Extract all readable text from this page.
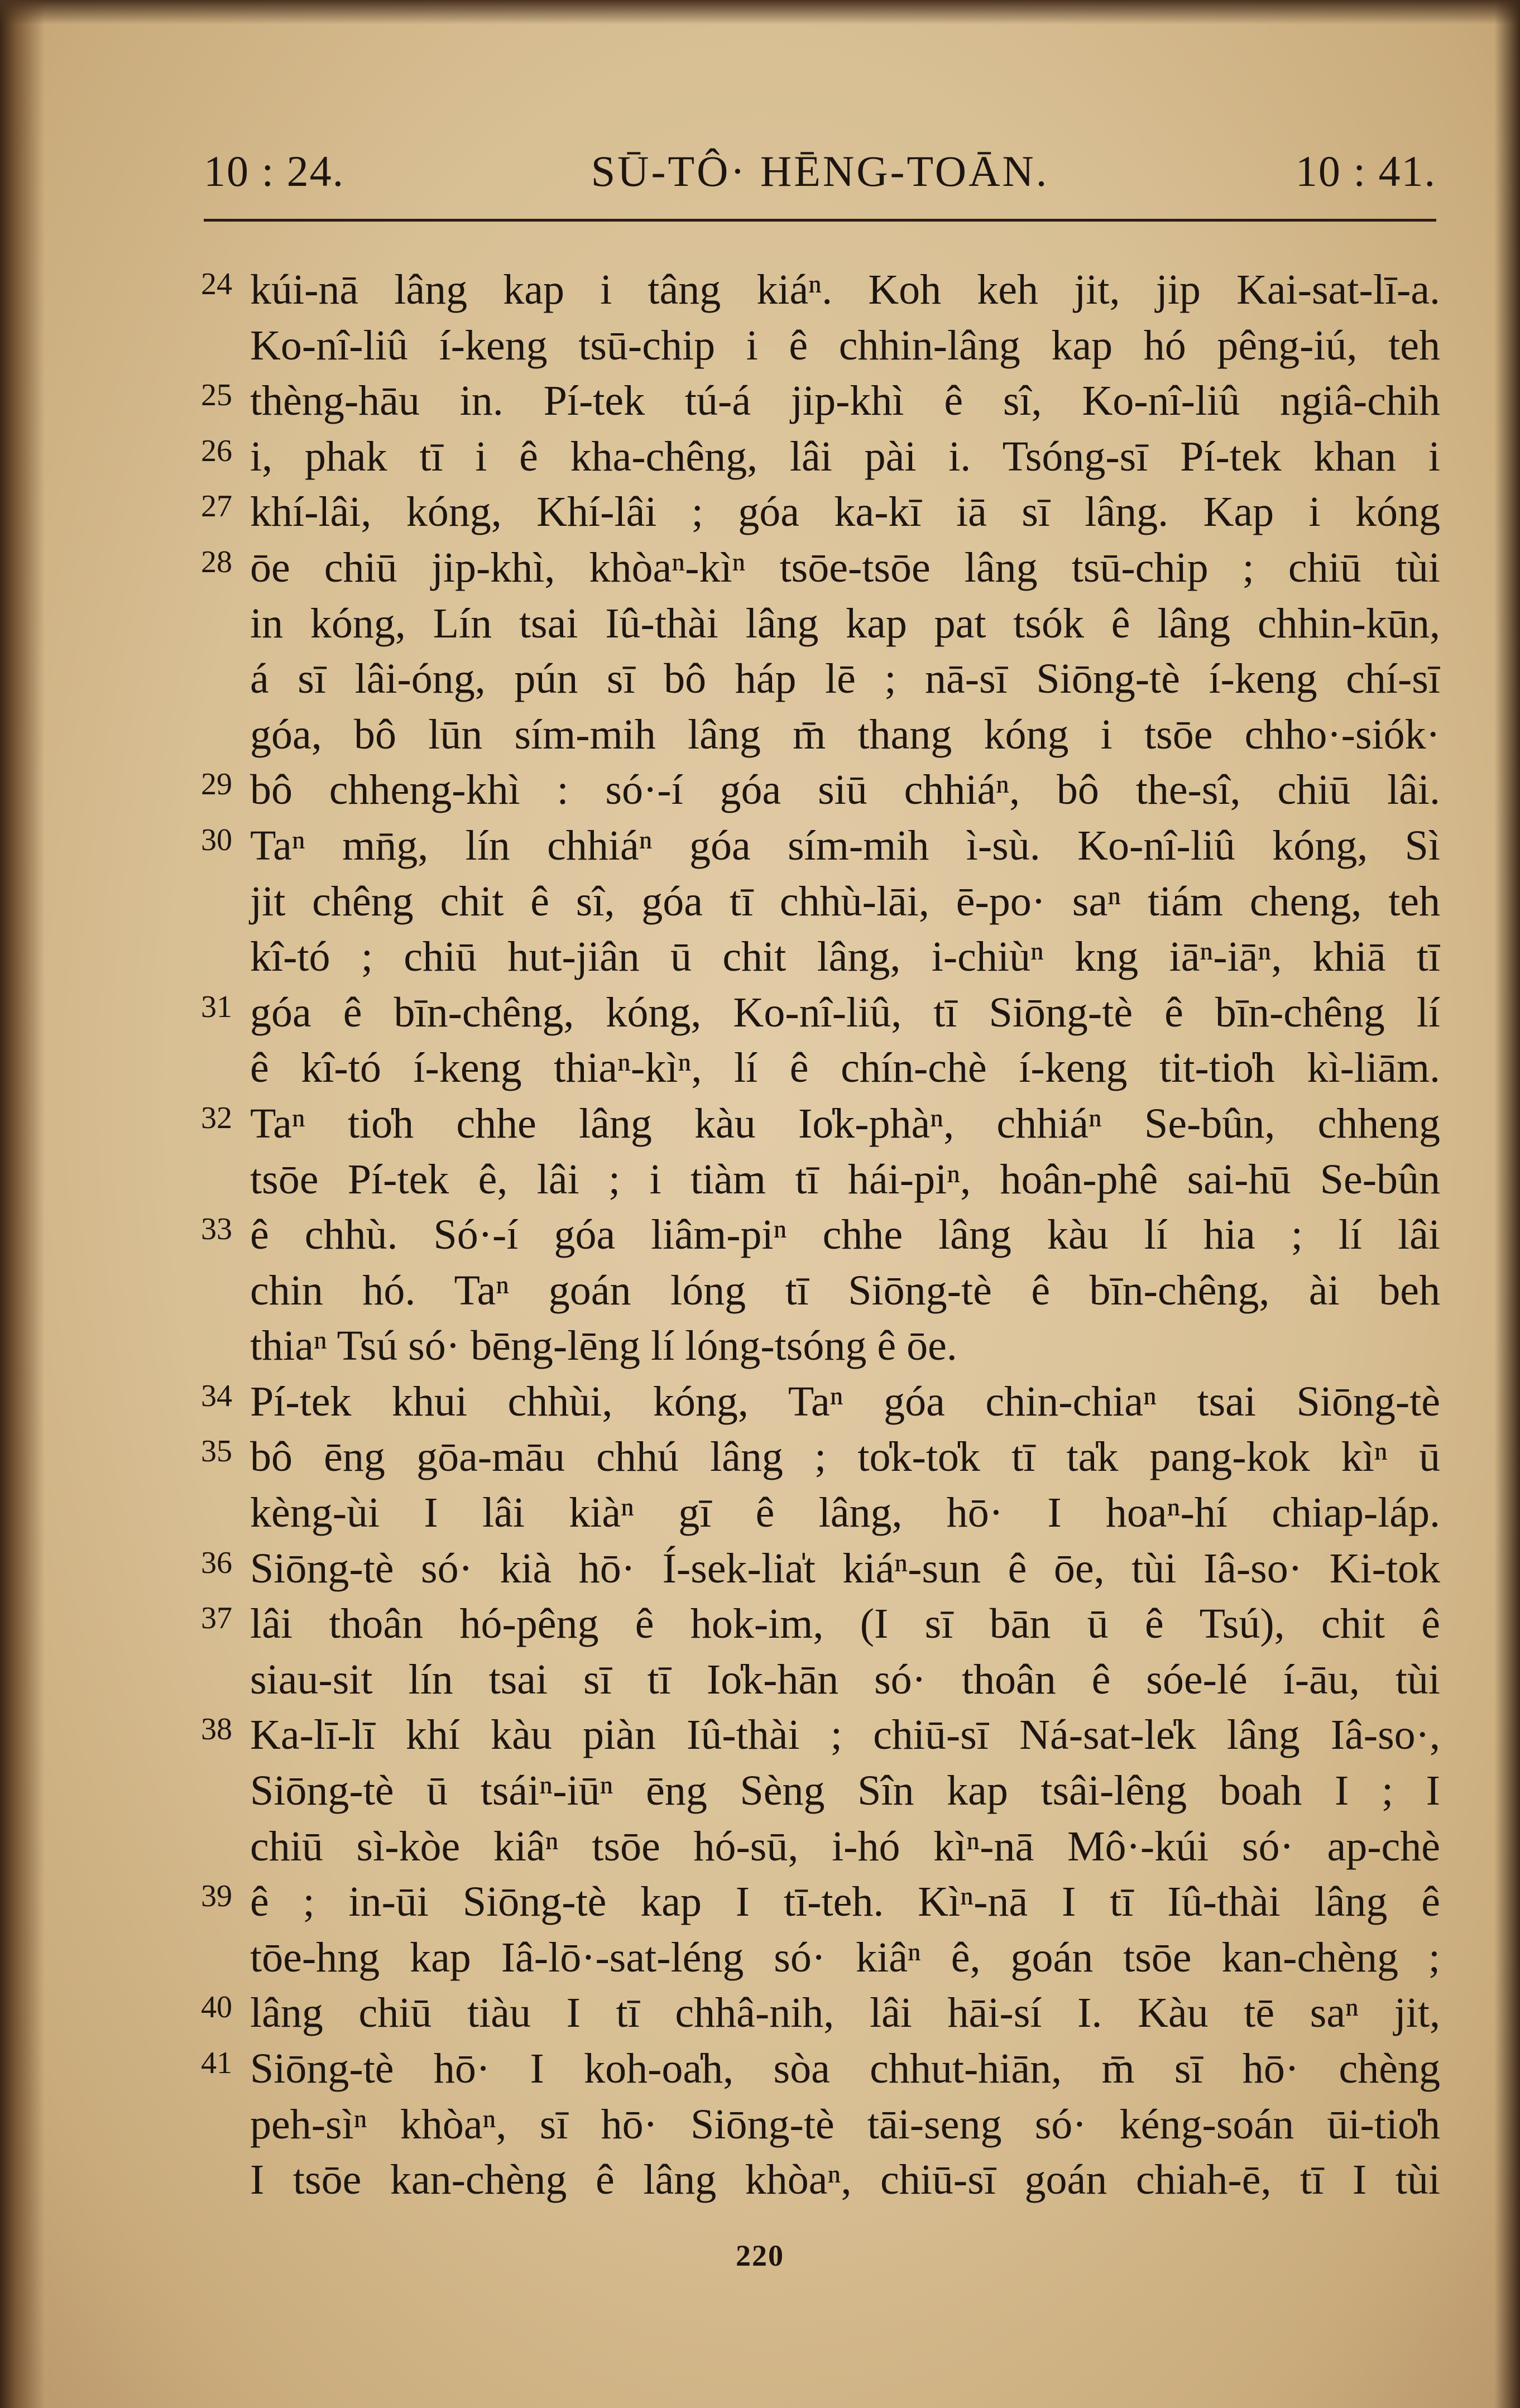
10 : 24.	SŪ-TÔ· HĒNG-TOĀN.	10 : 41.
24 kúi-nā lâng kap i tâng kiáⁿ. Koh keh jit, jip Kai-sat-lī-a.
Ko-nî-liû í-keng tsū-chip i ê chhin-lâng kap hó pêng-iú, teh
25 thèng-hāu in. Pí-tek tú-á jip-khì ê sî, Ko-nî-liû ngiâ-chih
26 i, phak tī i ê kha-chêng, lâi pài i. Tsóng-sī Pí-tek khan i
27 khí-lâi, kóng, Khí-lâi ; góa ka-kī iā sī lâng. Kap i kóng
28 ōe chiū jip-khì, khòaⁿ-kìⁿ tsōe-tsōe lâng tsū-chip ; chiū tùi
in kóng, Lín tsai Iû-thài lâng kap pat tsók ê lâng chhin-kūn,
á sī lâi-óng, pún sī bô háp lē ; nā-sī Siōng-tè í-keng chí-sī
góa, bô lūn sím-mih lâng m̄ thang kóng i tsōe chho·-siók·
29 bô chheng-khì : só·-í góa siū chhiáⁿ, bô the-sî, chiū lâi.
30 Taⁿ mn̄g, lín chhiáⁿ góa sím-mih ì-sù. Ko-nî-liû kóng, Sì
jit chêng chit ê sî, góa tī chhù-lāi, ē-po· saⁿ tiám cheng, teh
kî-tó ; chiū hut-jiân ū chit lâng, i-chiùⁿ kng iāⁿ-iāⁿ, khiā tī
31 góa ê bīn-chêng, kóng, Ko-nî-liû, tī Siōng-tè ê bīn-chêng lí
ê kî-tó í-keng thiaⁿ-kìⁿ, lí ê chín-chè í-keng tit-tio̍h kì-liām.
32 Taⁿ tio̍h chhe lâng kàu Io̍k-phàⁿ, chhiáⁿ Se-bûn, chheng
tsōe Pí-tek ê, lâi ; i tiàm tī hái-piⁿ, hoân-phê sai-hū Se-bûn
33 ê chhù. Só·-í góa liâm-piⁿ chhe lâng kàu lí hia ; lí lâi
chin hó. Taⁿ goán lóng tī Siōng-tè ê bīn-chêng, ài beh
thiaⁿ Tsú só· bēng-lēng lí lóng-tsóng ê ōe.
34 Pí-tek khui chhùi, kóng, Taⁿ góa chin-chiaⁿ tsai Siōng-tè
35 bô ēng gōa-māu chhú lâng ; to̍k-to̍k tī ta̍k pang-kok kìⁿ ū
kèng-ùi I lâi kiàⁿ gī ê lâng, hō· I hoaⁿ-hí chiap-láp.
36 Siōng-tè só· kià hō· Í-sek-lia̍t kiáⁿ-sun ê ōe, tùi Iâ-so· Ki-tok
37 lâi thoân hó-pêng ê hok-im, (I sī bān ū ê Tsú), chit ê
siau-sit lín tsai sī tī Io̍k-hān só· thoân ê sóe-lé í-āu, tùi
38 Ka-lī-lī khí kàu piàn Iû-thài ; chiū-sī Ná-sat-le̍k lâng Iâ-so·,
Siōng-tè ū tsáiⁿ-iūⁿ ēng Sèng Sîn kap tsâi-lêng boah I ; I
chiū sì-kòe kiâⁿ tsōe hó-sū, i-hó kìⁿ-nā Mô·-kúi só· ap-chè
39 ê ; in-ūi Siōng-tè kap I tī-teh. Kìⁿ-nā I tī Iû-thài lâng ê
tōe-hng kap Iâ-lō·-sat-léng só· kiâⁿ ê, goán tsōe kan-chèng ;
40 lâng chiū tiàu I tī chhâ-nih, lâi hāi-sí I. Kàu tē saⁿ jit,
41 Siōng-tè hō· I koh-oa̍h, sòa chhut-hiān, m̄ sī hō· chèng
peh-sìⁿ khòaⁿ, sī hō· Siōng-tè tāi-seng só· kéng-soán ūi-tio̍h
I tsōe kan-chèng ê lâng khòaⁿ, chiū-sī goán chiah-ē, tī I tùi
220
